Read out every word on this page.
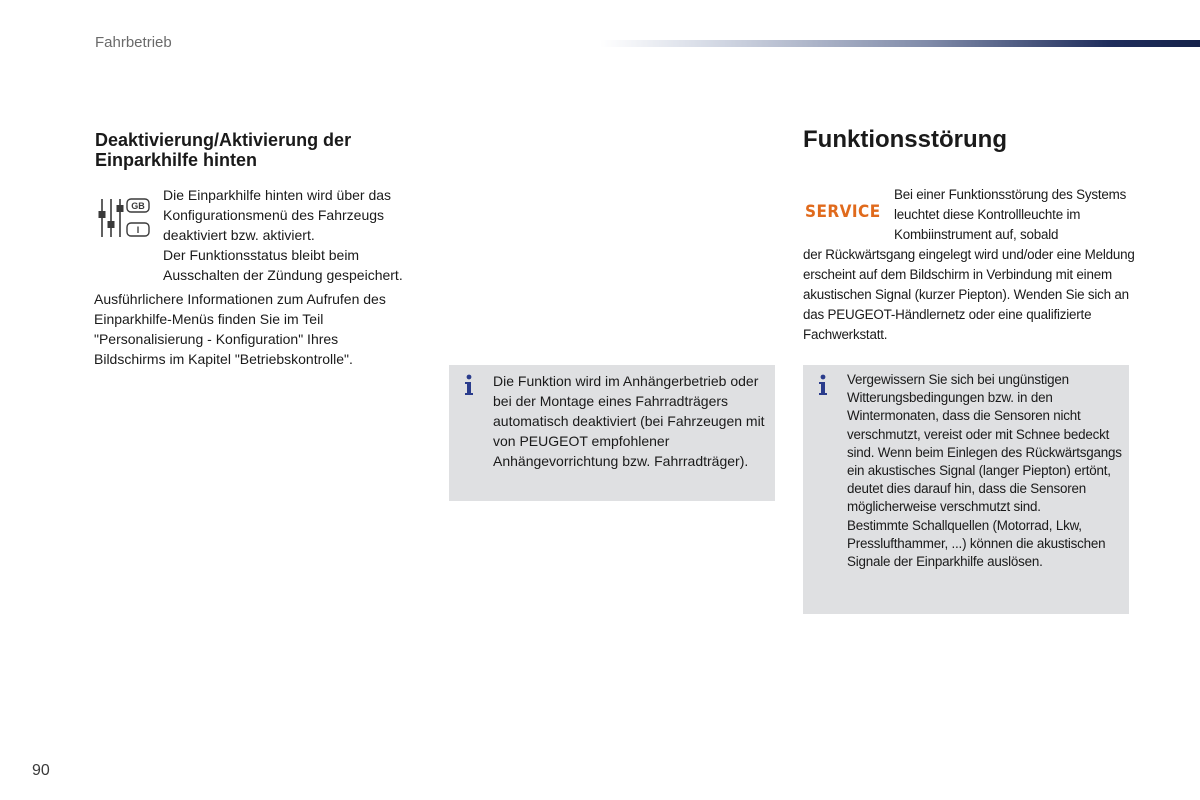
Fahrbetrieb
Deaktivierung/Aktivierung der Einparkhilfe hinten
GB
I

Die Einparkhilfe hinten wird über das Konfigurationsmenü des Fahrzeugs deaktiviert bzw. aktiviert.

Der Funktionsstatus bleibt beim Ausschalten der Zündung gespeichert.

Ausführlichere Informationen zum Aufrufen des Einparkhilfe-Menüs finden Sie im Teil "Personalisierung - Konfiguration" Ihres Bildschirms im Kapitel "Betriebskontrolle".

Die Funktion wird im Anhängerbetrieb oder bei der Montage eines Fahrradträgers automatisch deaktiviert (bei Fahrzeugen mit von PEUGEOT empfohlener Anhängevorrichtung bzw. Fahrradträger).

Funktionsstörung
SERVICE

Bei einer Funktionsstörung des Systems leuchtet diese Kontrollleuchte im Kombiinstrument auf, sobald

der Rückwärtsgang eingelegt wird und/oder eine Meldung erscheint auf dem Bildschirm in Verbindung mit einem akustischen Signal (kurzer Piepton). Wenden Sie sich an das PEUGEOT-Händlernetz oder eine qualifizierte Fachwerkstatt.

Vergewissern Sie sich bei ungünstigen Witterungsbedingungen bzw. in den Wintermonaten, dass die Sensoren nicht verschmutzt, vereist oder mit Schnee bedeckt sind. Wenn beim Einlegen des Rückwärtsgangs ein akustisches Signal (langer Piepton) ertönt, deutet dies darauf hin, dass die Sensoren möglicherweise verschmutzt sind.

Bestimmte Schallquellen (Motorrad, Lkw, Presslufthammer, ...) können die akustischen Signale der Einparkhilfe auslösen.

90
